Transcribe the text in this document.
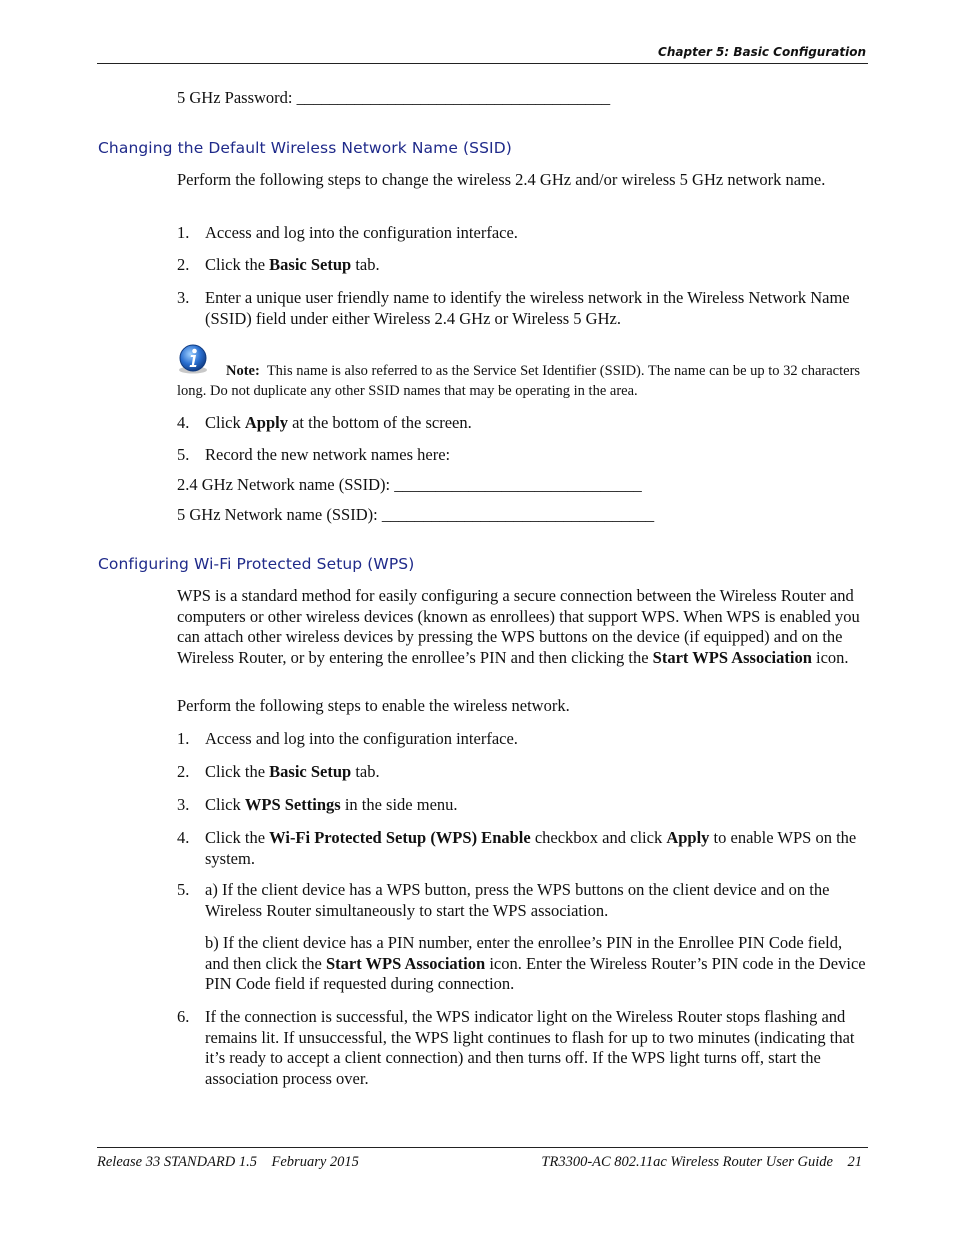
Chapter 5: Basic Configuration
5 GHz Password: ______________________________________
Changing the Default Wireless Network Name (SSID)
Perform the following steps to change the wireless 2.4 GHz and/or wireless 5 GHz network name.
1. Access and log into the configuration interface.
2. Click the Basic Setup tab.
3. Enter a unique user friendly name to identify the wireless network in the Wireless Network Name (SSID) field under either Wireless 2.4 GHz or Wireless 5 GHz.
Note: This name is also referred to as the Service Set Identifier (SSID). The name can be up to 32 characters long. Do not duplicate any other SSID names that may be operating in the area.
4. Click Apply at the bottom of the screen.
5. Record the new network names here:
2.4 GHz Network name (SSID): ______________________________
5 GHz Network name (SSID): _________________________________
Configuring Wi-Fi Protected Setup (WPS)
WPS is a standard method for easily configuring a secure connection between the Wireless Router and computers or other wireless devices (known as enrollees) that support WPS. When WPS is enabled you can attach other wireless devices by pressing the WPS buttons on the device (if equipped) and on the Wireless Router, or by entering the enrollee’s PIN and then clicking the Start WPS Association icon.
Perform the following steps to enable the wireless network.
1. Access and log into the configuration interface.
2. Click the Basic Setup tab.
3. Click WPS Settings in the side menu.
4. Click the Wi-Fi Protected Setup (WPS) Enable checkbox and click Apply to enable WPS on the system.
5. a) If the client device has a WPS button, press the WPS buttons on the client device and on the Wireless Router simultaneously to start the WPS association.
b) If the client device has a PIN number, enter the enrollee’s PIN in the Enrollee PIN Code field, and then click the Start WPS Association icon. Enter the Wireless Router’s PIN code in the Device PIN Code field if requested during connection.
6. If the connection is successful, the WPS indicator light on the Wireless Router stops flashing and remains lit. If unsuccessful, the WPS light continues to flash for up to two minutes (indicating that it’s ready to accept a client connection) and then turns off. If the WPS light turns off, start the association process over.
Release 33 STANDARD 1.5    February 2015	TR3300-AC 802.11ac Wireless Router User Guide    21
